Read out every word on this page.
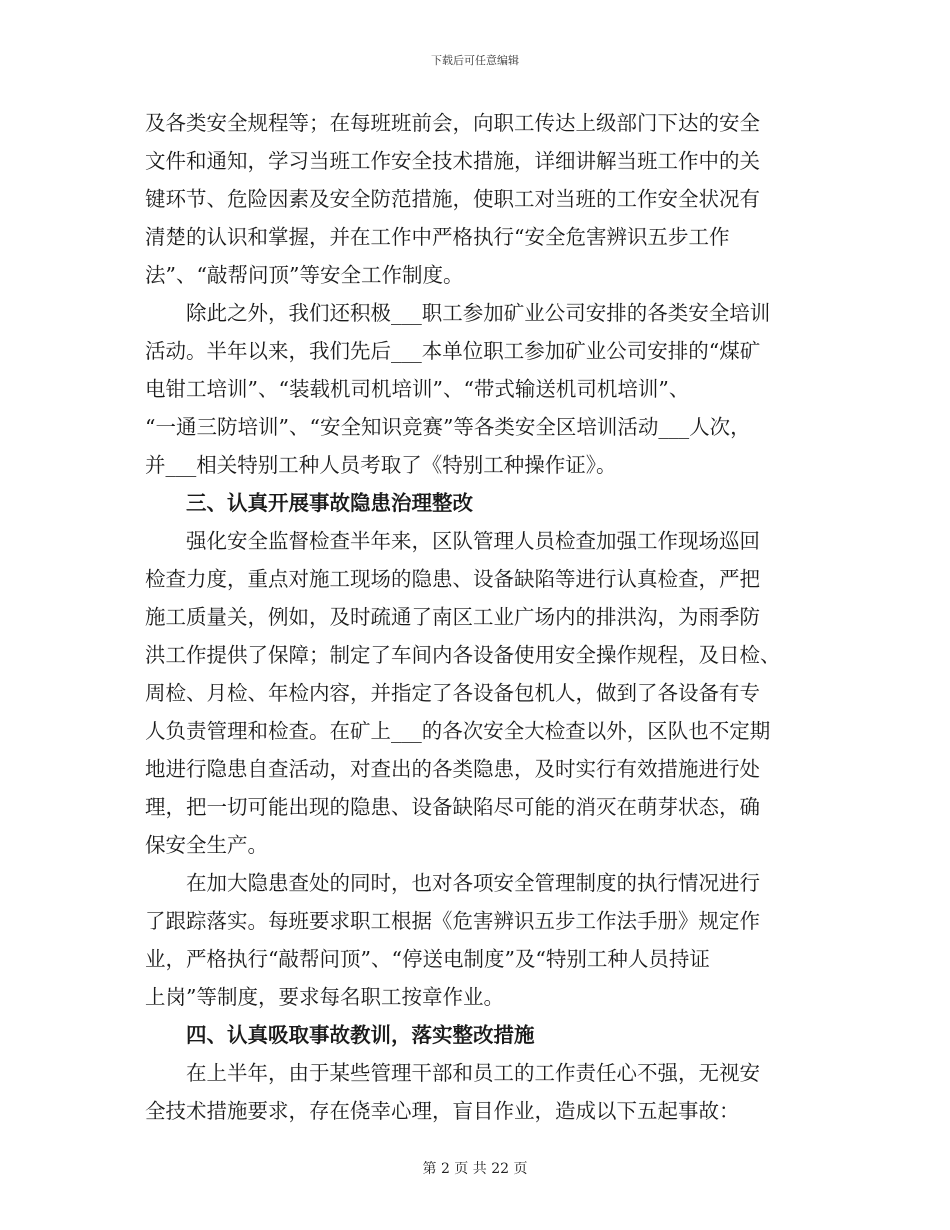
下载后可任意编辑
及各类安全规程等；在每班班前会，向职工传达上级部门下达的安全
文件和通知，学习当班工作安全技术措施，详细讲解当班工作中的关
键环节、危险因素及安全防范措施，使职工对当班的工作安全状况有
清楚的认识和掌握，并在工作中严格执行“安全危害辨识五步工作
法”、“敲帮问顶”等安全工作制度。
除此之外，我们还积极___职工参加矿业公司安排的各类安全培训
活动。半年以来，我们先后___本单位职工参加矿业公司安排的“煤矿
电钳工培训”、“装载机司机培训”、“带式输送机司机培训”、
“一通三防培训”、“安全知识竞赛”等各类安全区培训活动___人次，
并___相关特别工种人员考取了《特别工种操作证》。
三、认真开展事故隐患治理整改
强化安全监督检查半年来，区队管理人员检查加强工作现场巡回
检查力度，重点对施工现场的隐患、设备缺陷等进行认真检查，严把
施工质量关，例如，及时疏通了南区工业广场内的排洪沟，为雨季防
洪工作提供了保障；制定了车间内各设备使用安全操作规程，及日检、
周检、月检、年检内容，并指定了各设备包机人，做到了各设备有专
人负责管理和检查。在矿上___的各次安全大检查以外，区队也不定期
地进行隐患自查活动，对查出的各类隐患，及时实行有效措施进行处
理，把一切可能出现的隐患、设备缺陷尽可能的消灭在萌芽状态，确
保安全生产。
在加大隐患查处的同时，也对各项安全管理制度的执行情况进行
了跟踪落实。每班要求职工根据《危害辨识五步工作法手册》规定作
业，严格执行“敲帮问顶”、“停送电制度”及“特别工种人员持证
上岗”等制度，要求每名职工按章作业。
四、认真吸取事故教训，落实整改措施
在上半年，由于某些管理干部和员工的工作责任心不强，无视安
全技术措施要求，存在侥幸心理，盲目作业，造成以下五起事故：
第 2 页 共 22 页
